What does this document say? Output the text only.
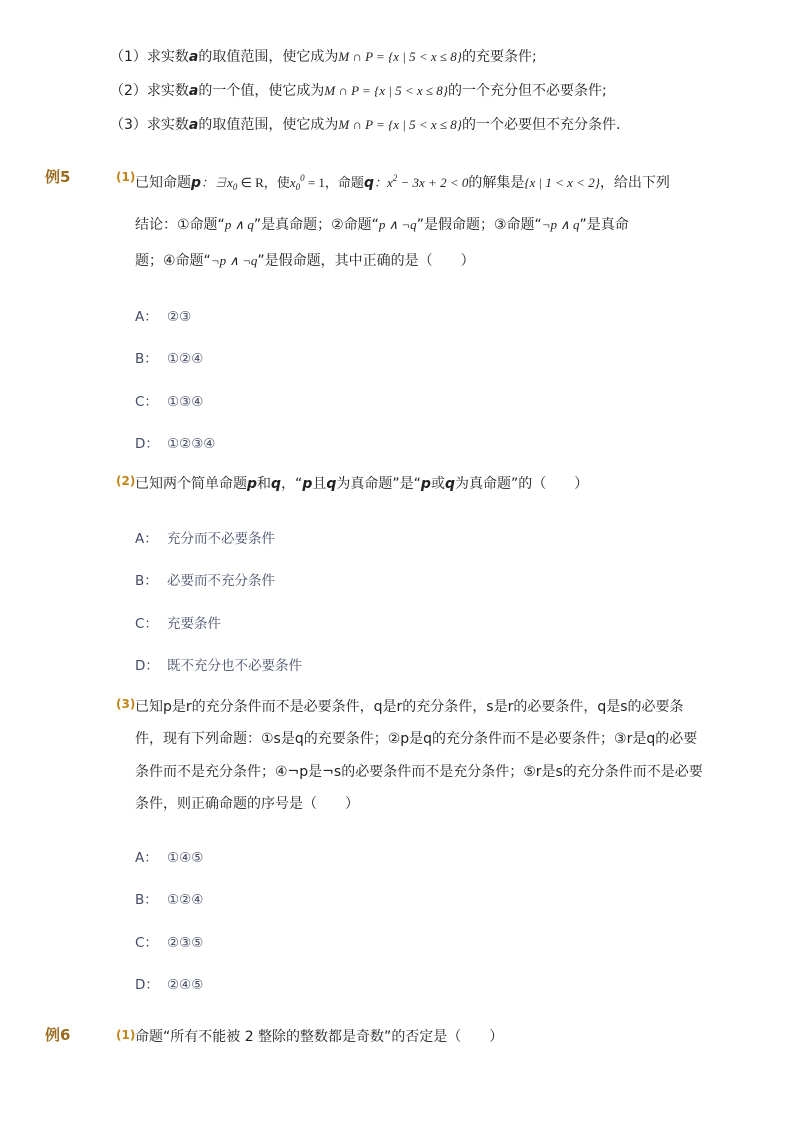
（1）求实数a的取值范围，使它成为M ∩ P = {x | 5 < x ≤ 8}的充要条件;
（2）求实数a的一个值，使它成为M ∩ P = {x | 5 < x ≤ 8}的一个充分但不必要条件;
（3）求实数a的取值范围，使它成为M ∩ P = {x | 5 < x ≤ 8}的一个必要但不充分条件.
例5	(1) 已知命题p：$\exists x_0$ ∈ R，使$x_0^0 = 1$，命题q：$x^2 - 3x + 2 < 0$的解集是{x | 1 < x < 2}，给出下列
结论：①命题“p ∧ q”是真命题；②命题“p ∧ ¬q”是假命题；③命题“¬p ∧ q”是真命
题；④命题“¬p ∧ ¬q”是假命题，其中正确的是（　　）
A： ②③
B： ①②④
C： ①③④
D： ①②③④
(2) 已知两个简单命题p和q，“p且q为真命题”是“p或q为真命题”的（　　）
A： 充分而不必要条件
B： 必要而不充分条件
C： 充要条件
D： 既不充分也不必要条件
(3) 已知p是r的充分条件而不是必要条件，q是r的充分条件，s是r的必要条件，q是s的必要条
件，现有下列命题：①s是q的充要条件；②p是q的充分条件而不是必要条件；③r是q的必要
条件而不是充分条件；④¬p是¬s的必要条件而不是充分条件；⑤r是s的充分条件而不是必要
条件，则正确命题的序号是（　　）
A： ①④⑤
B： ①②④
C： ②③⑤
D： ②④⑤
例6	(1) 命题“所有不能被 2 整除的整数都是奇数”的否定是（　　）
